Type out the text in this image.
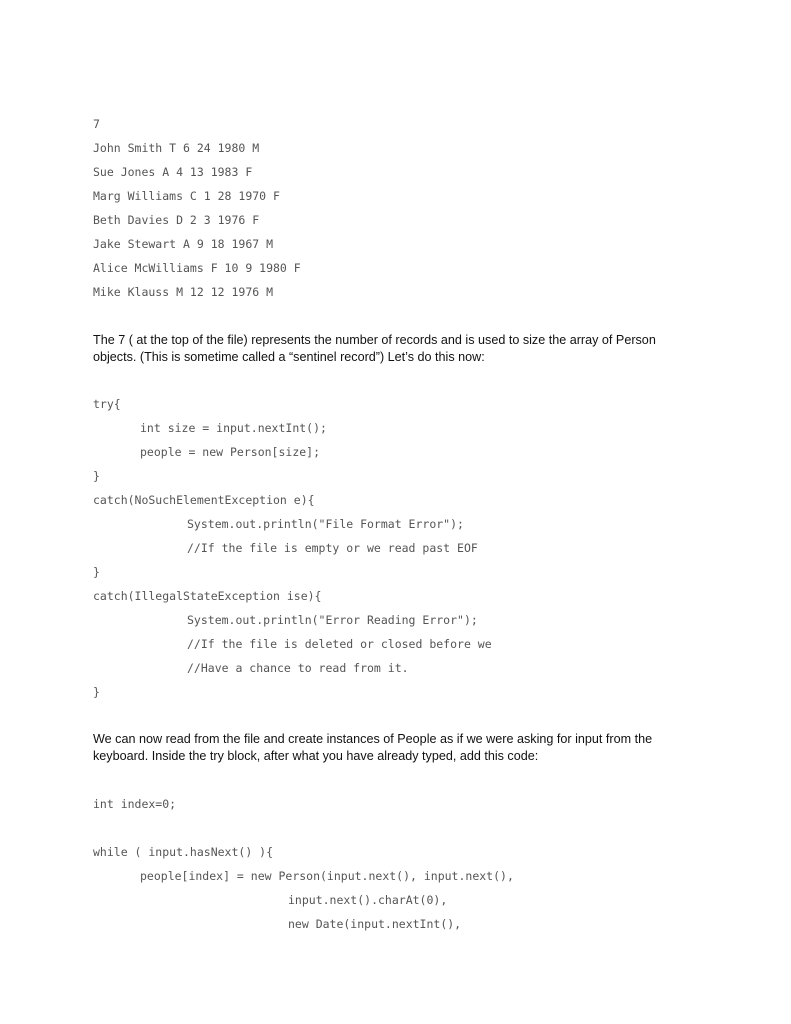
7
John Smith T 6 24 1980 M
Sue Jones A 4 13 1983 F
Marg Williams C 1 28 1970 F
Beth Davies D 2 3 1976 F
Jake Stewart A 9 18 1967 M
Alice McWilliams F 10 9 1980 F
Mike Klauss M 12 12 1976 M

The 7 ( at the top of the file) represents the number of records and is used to size the array of Person objects. (This is sometime called a “sentinel record”) Let’s do this now:

try{
int size = input.nextInt();
people = new Person[size];
}
catch(NoSuchElementException e){
System.out.println("File Format Error");
//If the file is empty or we read past EOF
}
catch(IllegalStateException ise){
System.out.println("Error Reading Error");
//If the file is deleted or closed before we
//Have a chance to read from it.
}

We can now read from the file and create instances of People as if we were asking for input from the keyboard. Inside the try block, after what you have already typed, add this code:

int index=0;
while ( input.hasNext() ){
people[index] = new Person(input.next(), input.next(),
input.next().charAt(0),
new Date(input.nextInt(),
